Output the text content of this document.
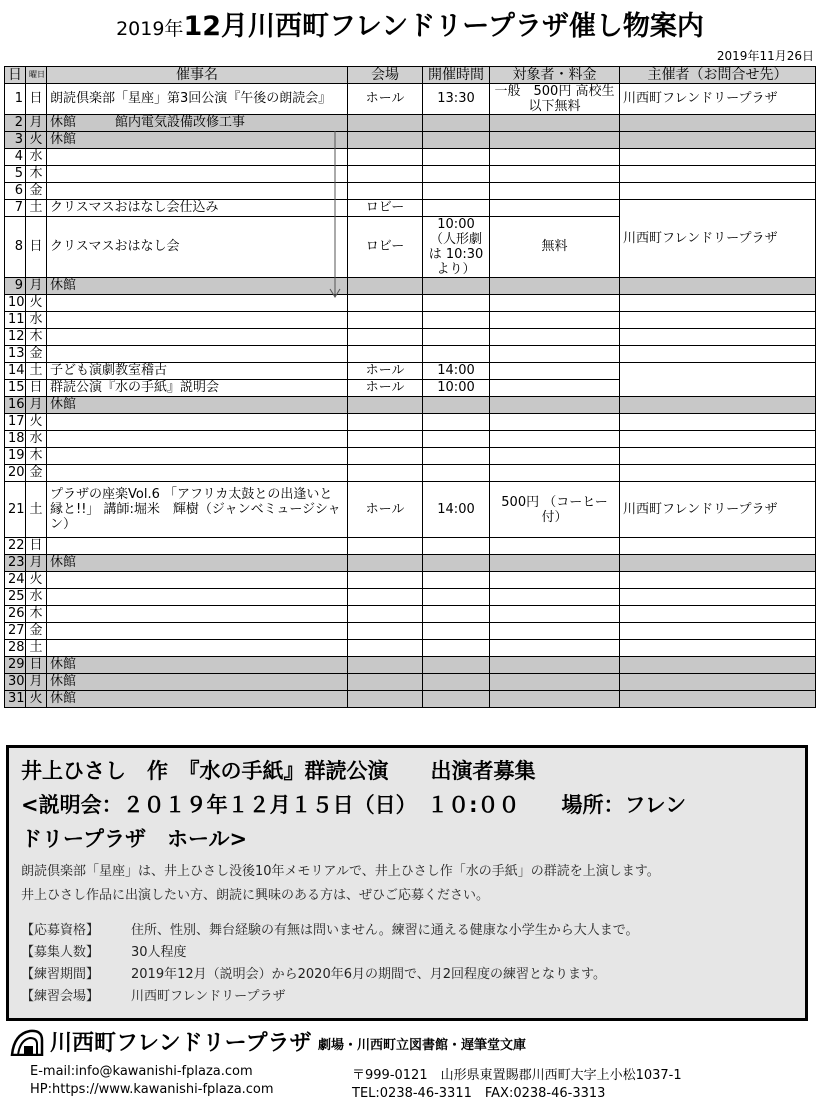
2019年12月川西町フレンドリープラザ催し物案内
2019年11月26日
日	曜日	催事名	会場	開催時間	対象者・料金	主催者（お問合せ先）
1	日	朗読倶楽部「星座」第3回公演『午後の朗読会』	ホール	13:30	一般　500円 高校生以下無料	川西町フレンドリープラザ
2	月	休館　　　館内電気設備改修工事				
3	火	休館				
4	水					
5	木					
6	金					
7	土	クリスマスおはなし会仕込み	ロビー			川西町フレンドリープラザ
8	日	クリスマスおはなし会	ロビー	10:00 （人形劇は 10:30より）	無料	
9	月	休館				
10	火					
11	水					
12	木					
13	金					
14	土	子ども演劇教室稽古	ホール	14:00		
15	日	群読公演『水の手紙』説明会	ホール	10:00		
16	月	休館				
17	火					
18	水					
19	木					
20	金					
21	土	プラザの座楽Vol.6 「アフリカ太鼓との出逢いと縁と!!」 講師:堀米　輝樹（ジャンベミュージシャン）	ホール	14:00	500円 （コーヒー付）	川西町フレンドリープラザ
22	日					
23	月	休館				
24	火					
25	水					
26	木					
27	金					
28	土					
29	日	休館				
30	月	休館				
31	火	休館				
井上ひさし　作　『水の手紙』群読公演　　出演者募集
<説明会：２０１９年１２月１５日（日）　１０:００　　場所：フレン
ドリープラザ　ホール>
朗読倶楽部「星座」は、井上ひさし没後10年メモリアルで、井上ひさし作「水の手紙」の群読を上演します。
井上ひさし作品に出演したい方、朗読に興味のある方は、ぜひご応募ください。
【応募資格】	住所、性別、舞台経験の有無は問いません。練習に通える健康な小学生から大人まで。
【募集人数】	30人程度
【練習期間】	2019年12月（説明会）から2020年6月の期間で、月2回程度の練習となります。
【練習会場】	川西町フレンドリープラザ
川西町フレンドリープラザ 劇場・川西町立図書館・遅筆堂文庫
E-mail:info@kawanishi-fplaza.com
HP:https://www.kawanishi-fplaza.com
〒999-0121　山形県東置賜郡川西町大字上小松1037-1
TEL:0238-46-3311　FAX:0238-46-3313
